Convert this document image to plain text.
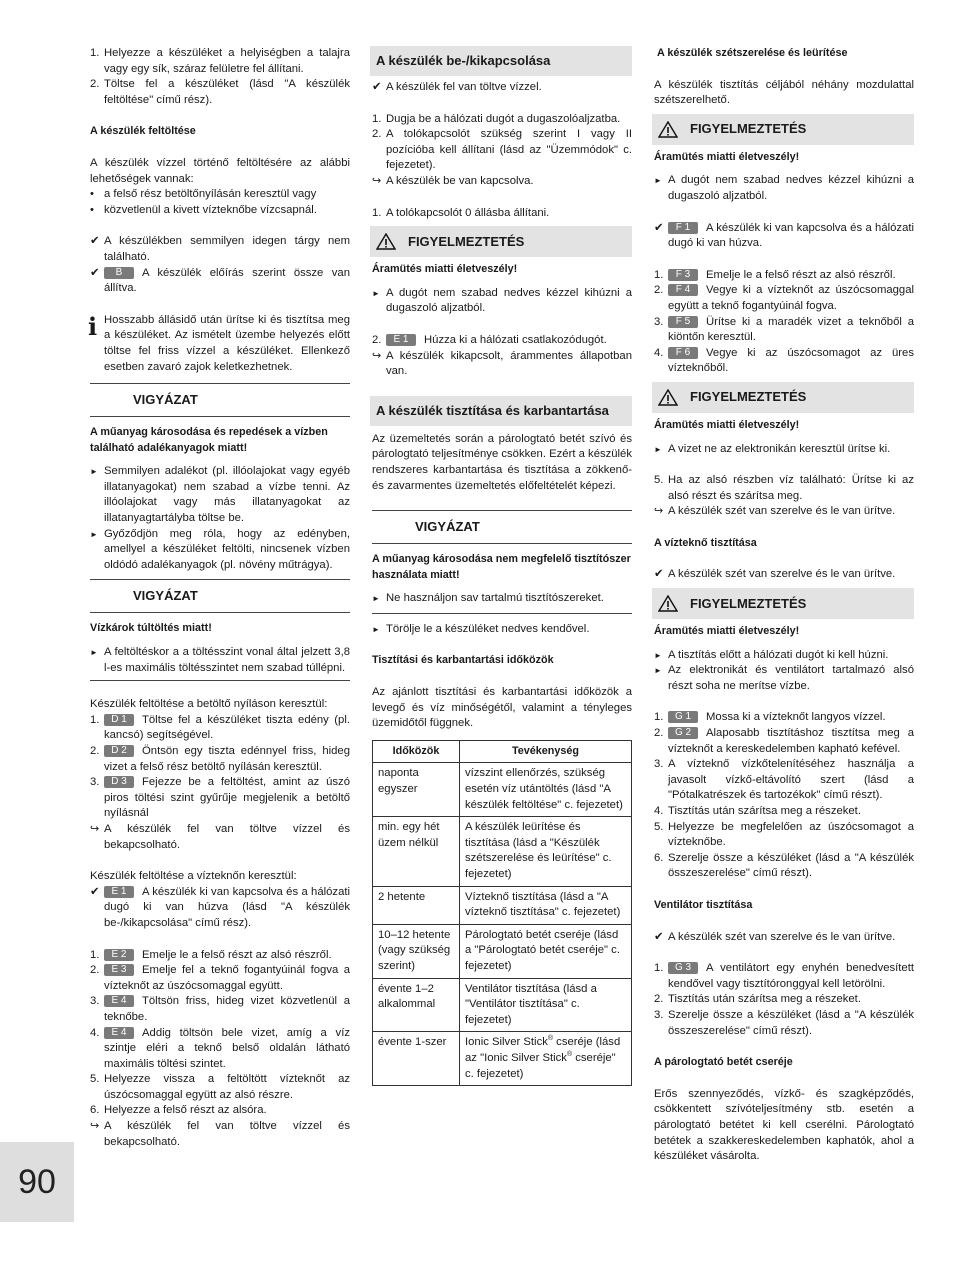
1. Helyezze a készüléket a helyiségben a talajra vagy egy sík, száraz felületre fel állítani.
2. Töltse fel a készüléket (lásd "A készülék feltöltése" című rész).

A készülék feltöltése

A készülék vízzel történő feltöltésére az alábbi lehetőségek vannak:

• a felső rész betöltőnyílásán keresztül vagy
• közvetlenül a kivett vízteknőbe vízcsapnál.
✔ A készülékben semmilyen idegen tárgy nem található.
✔ B A készülék előírás szerint össze van állítva.
i Hosszabb állásidő után ürítse ki és tisztítsa meg a készüléket. Az ismételt üzembe helyezés előtt töltse fel friss vízzel a készüléket. Ellenkező esetben zavaró zajok keletkezhetnek.
VIGYÁZAT

A műanyag károsodása és repedések a vízben található adalékanyagok miatt!

► Semmilyen adalékot (pl. illóolajokat vagy egyéb illatanyagokat) nem szabad a vízbe tenni. Az illóolajokat vagy más illatanyagokat az illatanyagtartályba töltse be.
► Győződjön meg róla, hogy az edényben, amellyel a készüléket feltölti, nincsenek vízben oldódó adalékanyagok (pl. növény műtrágya).
VIGYÁZAT

Vízkárok túltöltés miatt!

► A feltöltéskor a a töltésszint vonal által jelzett 3,8 l-es maximális töltésszintet nem szabad túllépni.

Készülék feltöltése a betöltő nyíláson keresztül:

1. D 1 Töltse fel a készüléket tiszta edény (pl. kancsó) segítségével.
2. D 2 Öntsön egy tiszta edénnyel friss, hideg vizet a felső rész betöltő nyílásán keresztül.
3. D 3 Fejezze be a feltöltést, amint az úszó piros töltési szint gyűrűje megjelenik a betöltő nyílásnál
↪ A készülék fel van töltve vízzel és bekapcsolható.

Készülék feltöltése a vízteknőn keresztül:

✔ E 1 A készülék ki van kapcsolva és a hálózati dugó ki van húzva (lásd "A készülék be-/kikapcsolása" című rész).
1. E 2 Emelje le a felső részt az alsó részről.
2. E 3 Emelje fel a teknő fogantyúinál fogva a vízteknőt az úszócsomaggal együtt.
3. E 4 Töltsön friss, hideg vizet közvetlenül a teknőbe.
4. E 4 Addig töltsön bele vizet, amíg a víz szintje eléri a teknő belső oldalán látható maximális töltési szintet.
5. Helyezze vissza a feltöltött vízteknőt az úszócsomaggal együtt az alsó részre.
6. Helyezze a felső részt az alsóra.
↪ A készülék fel van töltve vízzel és bekapcsolható.
A készülék be-/kikapcsolása
✔ A készülék fel van töltve vízzel.
1. Dugja be a hálózati dugót a dugaszolóaljzatba.
2. A tolókapcsolót szükség szerint I vagy II pozícióba kell állítani (lásd az "Üzemmódok" c. fejezetet).
↪ A készülék be van kapcsolva.
1. A tolókapcsolót 0 állásba állítani.
FIGYELMEZTETÉS

Áramütés miatti életveszély!

► A dugót nem szabad nedves kézzel kihúzni a dugaszoló aljzatból.
2. E 1 Húzza ki a hálózati csatlakozódugót.
↪ A készülék kikapcsolt, árammentes állapotban van.
A készülék tisztítása és karbantartása

Az üzemeltetés során a párologtató betét szívó és párologtató teljesítménye csökken. Ezért a készülék rendszeres karbantartása és tisztítása a zökkenő- és zavarmentes üzemeltetés előfeltételét képezi.

VIGYÁZAT

A műanyag károsodása nem megfelelő tisztítószer használata miatt!

► Ne használjon sav tartalmú tisztítószereket.
► Törölje le a készüléket nedves kendővel.

Tisztítási és karbantartási időközök

Az ajánlott tisztítási és karbantartási időközök a levegő és víz minőségétől, valamint a tényleges üzemidőtől függnek.

Időközök	Tevékenység
naponta egyszer	vízszint ellenőrzés, szükség esetén víz utántöltés (lásd "A készülék feltöltése" c. fejezetet)
min. egy hét üzem nélkül	A készülék leürítése és tisztítása (lásd a "Készülék szétszerelése és leürítése" c. fejezetet)
2 hetente	Vízteknő tisztítása (lásd a "A vízteknő tisztítása" c. fejezetet)
10–12 hetente (vagy szükség szerint)	Párologtató betét cseréje (lásd a "Párologtató betét cseréje" c. fejezetet)
évente 1–2 alkalommal	Ventilátor tisztítása (lásd a "Ventilátor tisztítása" c. fejezetet)
évente 1-szer	Ionic Silver Stick® cseréje (lásd az "Ionic Silver Stick® cseréje" c. fejezetet)

A készülék szétszerelése és leürítése

A készülék tisztítás céljából néhány mozdulattal szétszerelhető.

FIGYELMEZTETÉS

Áramütés miatti életveszély!

► A dugót nem szabad nedves kézzel kihúzni a dugaszoló aljzatból.
✔ F 1 A készülék ki van kapcsolva és a hálózati dugó ki van húzva.
1. F 3 Emelje le a felső részt az alsó részről.
2. F 4 Vegye ki a vízteknőt az úszócsomaggal együtt a teknő fogantyúinál fogva.
3. F 5 Ürítse ki a maradék vizet a teknőből a kiöntőn keresztül.
4. F 6 Vegye ki az úszócsomagot az üres vízteknőből.
FIGYELMEZTETÉS

Áramütés miatti életveszély!

► A vizet ne az elektronikán keresztül ürítse ki.
5. Ha az alsó részben víz található: Ürítse ki az alsó részt és szárítsa meg.
↪ A készülék szét van szerelve és le van ürítve.

A vízteknő tisztítása

✔ A készülék szét van szerelve és le van ürítve.
FIGYELMEZTETÉS

Áramütés miatti életveszély!

► A tisztítás előtt a hálózati dugót ki kell húzni.
► Az elektronikát és ventilátort tartalmazó alsó részt soha ne merítse vízbe.
1. G 1 Mossa ki a vízteknőt langyos vízzel.
2. G 2 Alaposabb tisztításhoz tisztítsa meg a vízteknőt a kereskedelemben kapható kefével.
3. A vízteknő vízkőtelenítéséhez használja a javasolt vízkő-eltávolító szert (lásd a "Pótalkatrészek és tartozékok" című részt).
4. Tisztítás után szárítsa meg a részeket.
5. Helyezze be megfelelően az úszócsomagot a vízteknőbe.
6. Szerelje össze a készüléket (lásd a "A készülék összeszerelése" című részt).

Ventilátor tisztítása

✔ A készülék szét van szerelve és le van ürítve.
1. G 3 A ventilátort egy enyhén benedvesített kendővel vagy tisztítóronggyal kell letörölni.
2. Tisztítás után szárítsa meg a részeket.
3. Szerelje össze a készüléket (lásd a "A készülék összeszerelése" című részt).

A párologtató betét cseréje

Erős szennyeződés, vízkő- és szagképződés, csökkentett szívóteljesítmény stb. esetén a párologtató betétet ki kell cserélni. Párologtató betétek a szakkereskedelemben kaphatók, ahol a készüléket vásárolta.

90
